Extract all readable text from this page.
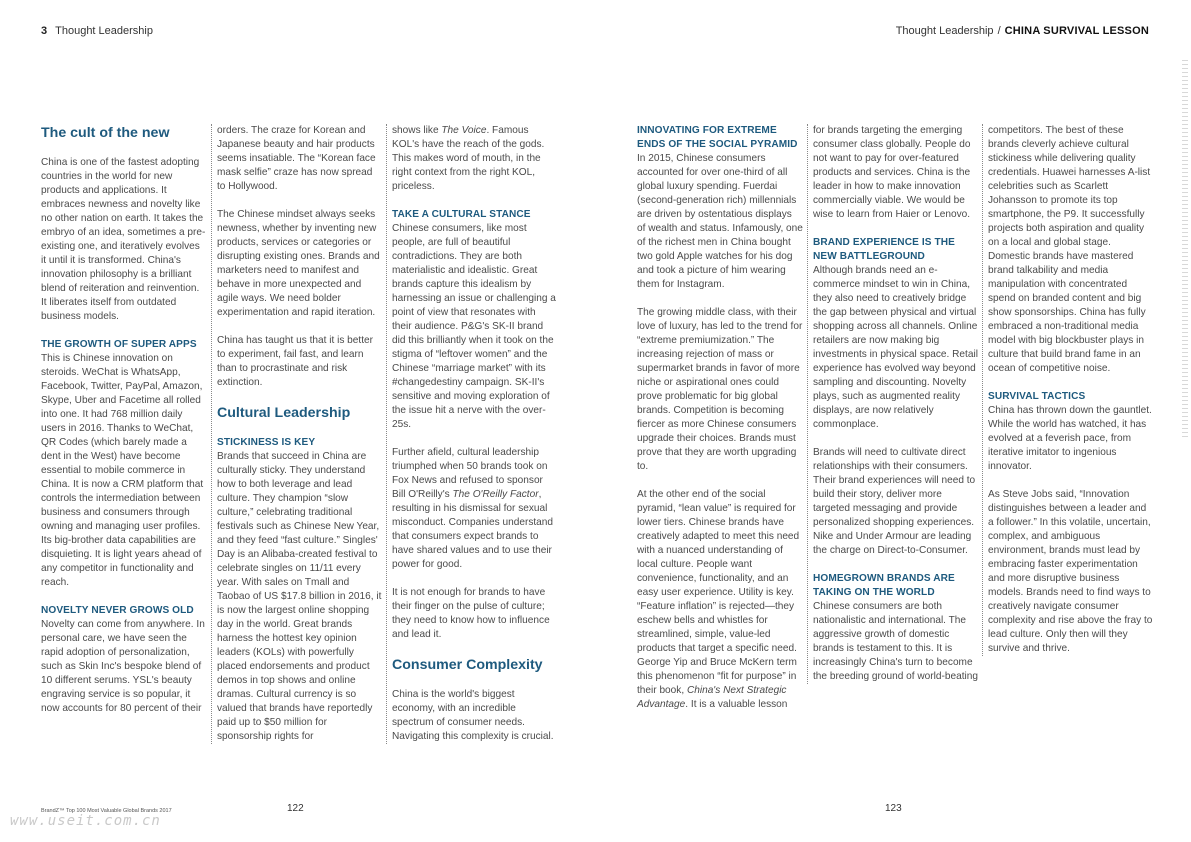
3 Thought Leadership	Thought Leadership / CHINA SURVIVAL LESSON
The cult of the new

China is one of the fastest adopting countries in the world for new products and applications. It embraces newness and novelty like no other nation on earth. It takes the embryo of an idea, sometimes a pre-existing one, and iteratively evolves it until it is transformed. China's innovation philosophy is a brilliant blend of reiteration and reinvention. It liberates itself from outdated business models.

THE GROWTH OF SUPER APPS

This is Chinese innovation on steroids. WeChat is WhatsApp, Facebook, Twitter, PayPal, Amazon, Skype, Uber and Facetime all rolled into one. It had 768 million daily users in 2016. Thanks to WeChat, QR Codes (which barely made a dent in the West) have become essential to mobile commerce in China. It is now a CRM platform that controls the intermediation between business and consumers through owning and managing user profiles. Its big-brother data capabilities are disquieting. It is light years ahead of any competitor in functionality and reach.

NOVELTY NEVER GROWS OLD

Novelty can come from anywhere. In personal care, we have seen the rapid adoption of personalization, such as Skin Inc's bespoke blend of 10 different serums. YSL's beauty engraving service is so popular, it now accounts for 80 percent of their

orders. The craze for Korean and Japanese beauty and hair products seems insatiable. The “Korean face mask selfie” craze has now spread to Hollywood.

The Chinese mindset always seeks newness, whether by inventing new products, services or categories or disrupting existing ones. Brands and marketers need to manifest and behave in more unexpected and agile ways. We need bolder experimentation and rapid iteration.

China has taught us that it is better to experiment, fail fast, and learn than to procrastinate and risk extinction.

Cultural Leadership
STICKINESS IS KEY

Brands that succeed in China are culturally sticky. They understand how to both leverage and lead culture. They champion “slow culture,” celebrating traditional festivals such as Chinese New Year, and they feed “fast culture.” Singles' Day is an Alibaba-created festival to celebrate singles on 11/11 every year. With sales on Tmall and Taobao of US $17.8 billion in 2016, it is now the largest online shopping day in the world. Great brands harness the hottest key opinion leaders (KOLs) with powerfully placed endorsements and product demos in top shows and online dramas. Cultural currency is so valued that brands have reportedly paid up to $50 million for sponsorship rights for

shows like The Voice. Famous KOL's have the reach of the gods. This makes word of mouth, in the right context from the right KOL, priceless.

TAKE A CULTURAL STANCE

Chinese consumers, like most people, are full of beautiful contradictions. They are both materialistic and idealistic. Great brands capture this idealism by harnessing an issue or challenging a point of view that resonates with their audience. P&G's SK-II brand did this brilliantly when it took on the stigma of “leftover women” and the Chinese “marriage market” with its #changedestiny campaign. SK-II's sensitive and moving exploration of the issue hit a nerve with the over-25s.

Further afield, cultural leadership triumphed when 50 brands took on Fox News and refused to sponsor Bill O'Reilly's The O'Reilly Factor, resulting in his dismissal for sexual misconduct. Companies understand that consumers expect brands to have shared values and to use their power for good.

It is not enough for brands to have their finger on the pulse of culture; they need to know how to influence and lead it.

Consumer Complexity

China is the world's biggest economy, with an incredible spectrum of consumer needs. Navigating this complexity is crucial.

INNOVATING FOR EXTREME ENDS OF THE SOCIAL PYRAMID

In 2015, Chinese consumers accounted for over one-third of all global luxury spending. Fuerdai (second-generation rich) millennials are driven by ostentatious displays of wealth and status. Infamously, one of the richest men in China bought two gold Apple watches for his dog and took a picture of him wearing them for Instagram.

The growing middle class, with their love of luxury, has led to the trend for “extreme premiumization.” The increasing rejection of mass or supermarket brands in favor of more niche or aspirational ones could prove problematic for big global brands. Competition is becoming fiercer as more Chinese consumers upgrade their choices. Brands must prove that they are worth upgrading to.

At the other end of the social pyramid, “lean value” is required for lower tiers. Chinese brands have creatively adapted to meet this need with a nuanced understanding of local culture. People want convenience, functionality, and an easy user experience. Utility is key. “Feature inflation” is rejected—they eschew bells and whistles for streamlined, simple, value-led products that target a specific need. George Yip and Bruce McKern term this phenomenon “fit for purpose” in their book, China's Next Strategic Advantage. It is a valuable lesson

for brands targeting the emerging consumer class globally. People do not want to pay for over-featured products and services. China is the leader in how to make innovation commercially viable. We would be wise to learn from Haier or Lenovo.

BRAND EXPERIENCE IS THE NEW BATTLEGROUND

Although brands need an e-commerce mindset to win in China, they also need to creatively bridge the gap between physical and virtual shopping across all channels. Online retailers are now making big investments in physical space. Retail experience has evolved way beyond sampling and discounting. Novelty plays, such as augmented reality displays, are now relatively commonplace.

Brands will need to cultivate direct relationships with their consumers. Their brand experiences will need to build their story, deliver more targeted messaging and provide personalized shopping experiences. Nike and Under Armour are leading the charge on Direct-to-Consumer.

HOMEGROWN BRANDS ARE TAKING ON THE WORLD

Chinese consumers are both nationalistic and international. The aggressive growth of domestic brands is testament to this. It is increasingly China's turn to become the breeding ground of world-beating

competitors. The best of these brands cleverly achieve cultural stickiness while delivering quality credentials. Huawei harnesses A-list celebrities such as Scarlett Johansson to promote its top smartphone, the P9. It successfully projects both aspiration and quality on a local and global stage. Domestic brands have mastered brand talkability and media manipulation with concentrated spend on branded content and big show sponsorships. China has fully embraced a non-traditional media model with big blockbuster plays in culture that build brand fame in an ocean of competitive noise.

SURVIVAL TACTICS

China has thrown down the gauntlet. While the world has watched, it has evolved at a feverish pace, from iterative imitator to ingenious innovator.

As Steve Jobs said, “Innovation distinguishes between a leader and a follower.” In this volatile, uncertain, complex, and ambiguous environment, brands must lead by embracing faster experimentation and more disruptive business models. Brands need to find ways to creatively navigate consumer complexity and rise above the fray to lead culture. Only then will they survive and thrive.

BrandZ™ Top 100 Most Valuable Global Brands 2017	122	123
www.useit.com.cn
